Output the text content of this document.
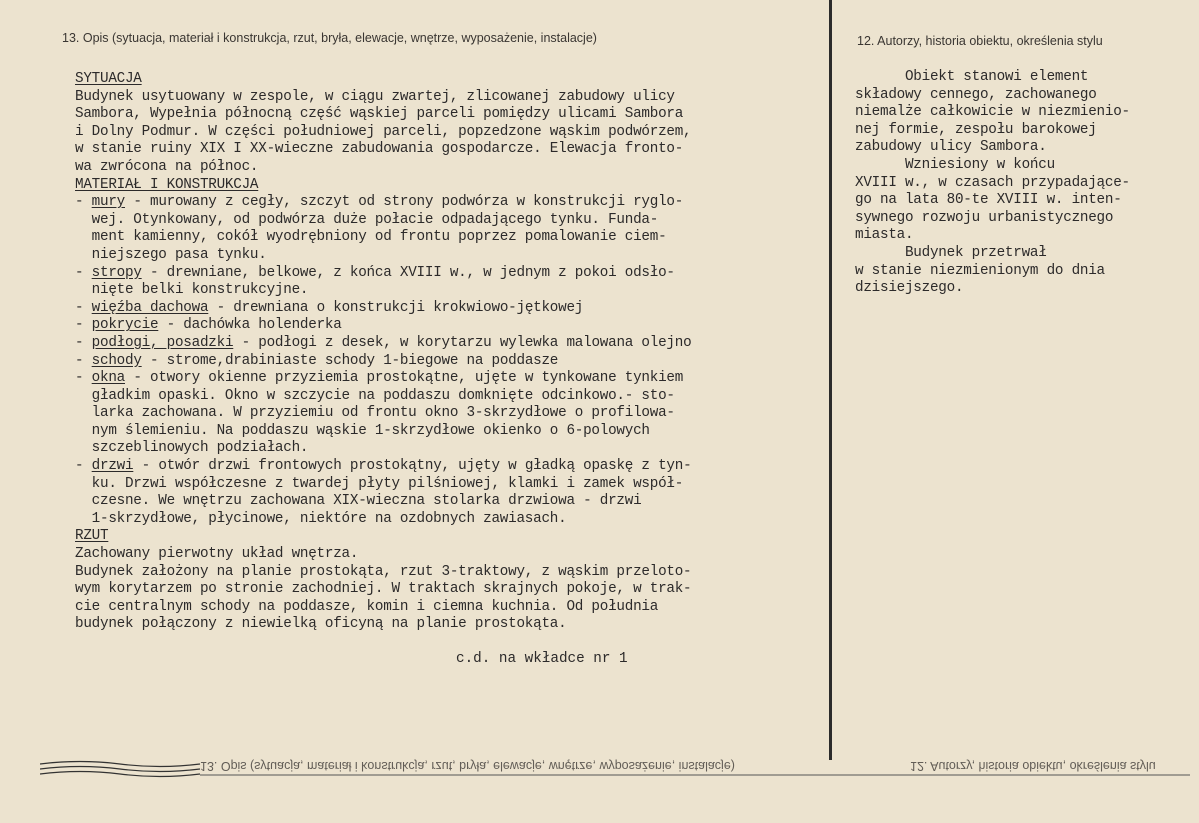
13. Opis (sytuacja, materiał i konstrukcja, rzut, bryła, elewacje, wnętrze, wyposażenie, instalacje)	12. Autorzy, historia obiektu, określenia stylu
SYTUACJA
Budynek usytuowany w zespole, w ciągu zwartej, zlicowanej zabudowy ulicy
Sambora, Wypełnia północną część wąskiej parceli pomiędzy ulicami Sambora
i Dolny Podmur. W części południowej parceli, popzedzone wąskim podwórzem,
w stanie ruiny XIX I XX-wieczne zabudowania gospodarcze. Elewacja fronto-
wa zwrócona na północ.
MATERIAŁ I KONSTRUKCJA
- mury - murowany z cegły, szczyt od strony podwórza w konstrukcji ryglo-
wej. Otynkowany, od podwórza duże połacie odpadającego tynku. Funda-
ment kamienny, cokół wyodrębniony od frontu poprzez pomalowanie ciem-
niejszego pasa tynku.
- stropy - drewniane, belkowe, z końca XVIII w., w jednym z pokoi odsło-
nięte belki konstrukcyjne.
- więźba dachowa - drewniana o konstrukcji krokwiowo-jętkowej
- pokrycie - dachówka holenderka
- podłogi, posadzki - podłogi z desek, w korytarzu wylewka malowana olejno
- schody - strome,drabiniaste schody 1-biegowe na poddasze
- okna - otwory okienne przyziemia prostokątne, ujęte w tynkowane tynkiem
gładkim opaski. Okno w szczycie na poddaszu domknięte odcinkowo.- sto-
larka zachowana. W przyziemiu od frontu okno 3-skrzydłowe o profilowa-
nym ślemieniu. Na poddaszu wąskie 1-skrzydłowe okienko o 6-polowych
szczeblinowych podziałach.
- drzwi - otwór drzwi frontowych prostokątny, ujęty w gładką opaskę z tyn-
ku. Drzwi współczesne z twardej płyty pilśniowej, klamki i zamek współ-
czesne. We wnętrzu zachowana XIX-wieczna stolarka drzwiowa - drzwi
1-skrzydłowe, płycinowe, niektóre na ozdobnych zawiasach.
RZUT
Zachowany pierwotny układ wnętrza.
Budynek założony na planie prostokąta, rzut 3-traktowy, z wąskim przeloto-
wym korytarzem po stronie zachodniej. W traktach skrajnych pokoje, w trak-
cie centralnym schody na poddasze, komin i ciemna kuchnia. Od południa
budynek połączony z niewielką oficyną na planie prostokąta.
c.d. na wkładce nr 1
Obiekt stanowi element
składowy cennego, zachowanego
niemalże całkowicie w niezmienio-
nej formie, zespołu barokowej
zabudowy ulicy Sambora.
Wzniesiony w końcu
XVIII w., w czasach przypadające-
go na lata 80-te XVIII w. inten-
sywnego rozwoju urbanistycznego
miasta.
Budynek przetrwał
w stanie niezmienionym do dnia
dzisiejszego.
13. Opis (sytuacja, materiał i konstrukcja, rzut, bryła, elewacje, wnętrze, wyposażenie, instalacje)	12. Autorzy, historia obiektu, określenia stylu
